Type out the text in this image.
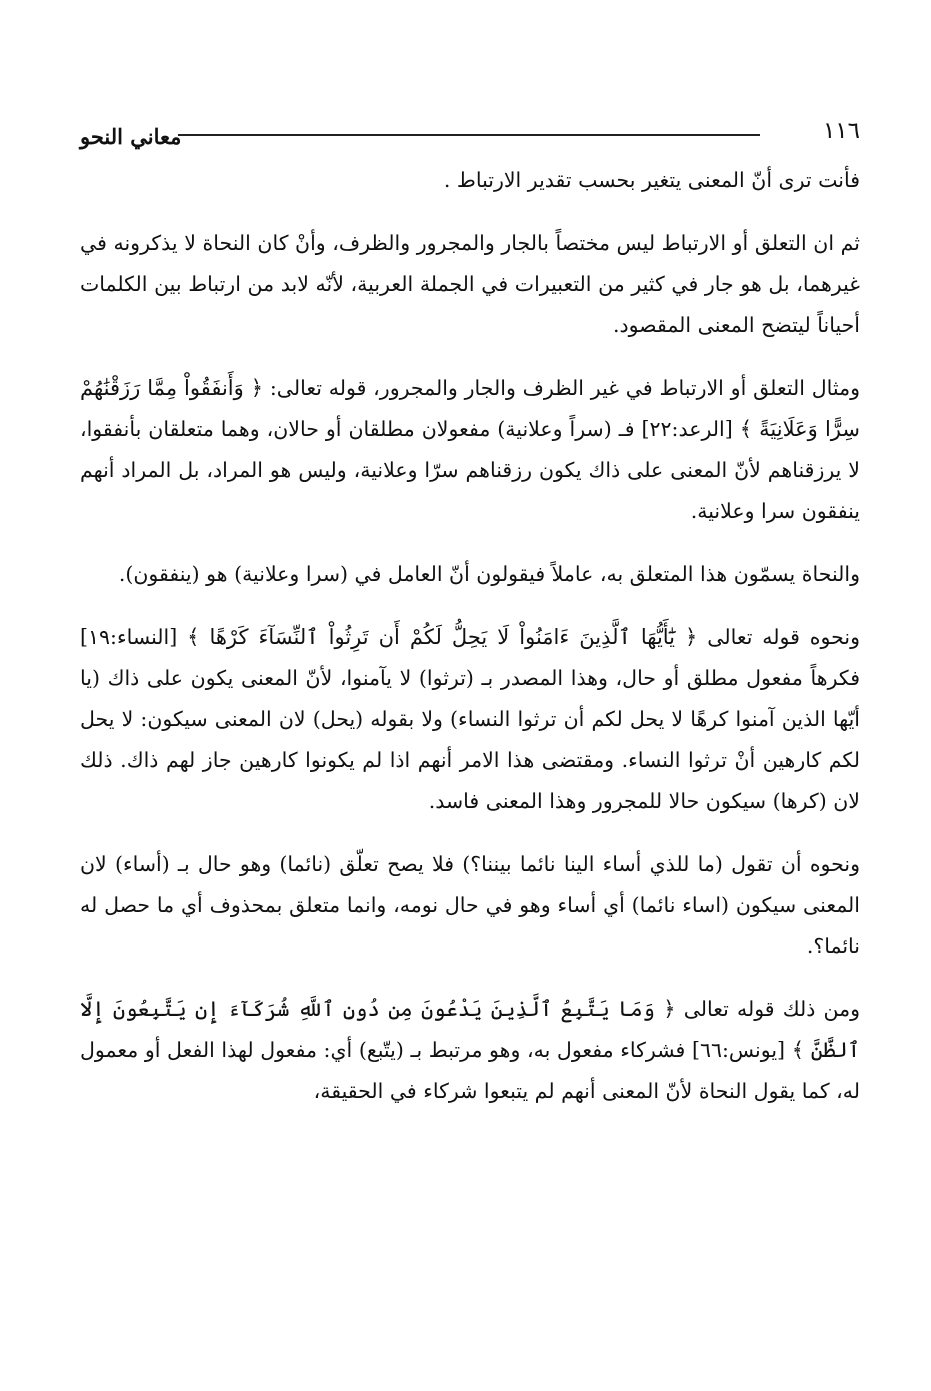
١١٦
معاني النحو

فأنت ترى أنّ المعنى يتغير بحسب تقدير الارتباط .

ثم ان التعلق أو الارتباط ليس مختصاً بالجار والمجرور والظرف، وأنْ كان النحاة لا يذكرونه في غيرهما، بل هو جار في كثير من التعبيرات في الجملة العربية، لأنّه لابد من ارتباط بين الكلمات أحياناً ليتضح المعنى المقصود.

ومثال التعلق أو الارتباط في غير الظرف والجار والمجرور، قوله تعالى: ﴿ وَأَنفَقُواْ مِمَّا رَزَقْنَٰهُمْ سِرًّا وَعَلَانِيَةً ﴾ [الرعد:٢٢] فـ (سراً وعلانية) مفعولان مطلقان أو حالان، وهما متعلقان بأنفقوا، لا يرزقناهم لأنّ المعنى على ذاك يكون رزقناهم سرّا وعلانية، وليس هو المراد، بل المراد أنهم ينفقون سرا وعلانية.

والنحاة يسمّون هذا المتعلق به، عاملاً فيقولون أنّ العامل في (سرا وعلانية) هو (ينفقون).

ونحوه قوله تعالى ﴿ يَٰٓأَيُّهَا ٱلَّذِينَ ءَامَنُواْ لَا يَحِلُّ لَكُمْ أَن تَرِثُواْ ٱلنِّسَآءَ كَرْهًا ﴾ [النساء:١٩] فكرهاً مفعول مطلق أو حال، وهذا المصدر بـ (ترثوا) لا يآمنوا، لأنّ المعنى يكون على ذاك (يا أيّها الذين آمنوا كرهًا لا يحل لكم أن ترثوا النساء) ولا بقوله (يحل) لان المعنى سيكون: لا يحل لكم كارهين أنْ ترثوا النساء. ومقتضى هذا الامر أنهم اذا لم يكونوا كارهين جاز لهم ذاك. ذلك لان (كرها) سيكون حالا للمجرور وهذا المعنى فاسد.

ونحوه أن تقول (ما للذي أساء الينا نائما بيننا؟) فلا يصح تعلّق (نائما) وهو حال بـ (أساء) لان المعنى سيكون (اساء نائما) أي أساء وهو في حال نومه، وانما متعلق بمحذوف أي ما حصل له نائما؟.

ومن ذلك قوله تعالى ﴿ وَمَا يَتَّبِعُ ٱلَّذِينَ يَدْعُونَ مِن دُونِ ٱللَّهِ شُرَكَآءَ إِن يَتَّبِعُونَ إِلَّا ٱلظَّنَّ ﴾ [يونس:٦٦] فشركاء مفعول به، وهو مرتبط بـ (يتّبع) أي: مفعول لهذا الفعل أو معمول له، كما يقول النحاة لأنّ المعنى أنهم لم يتبعوا شركاء في الحقيقة،
